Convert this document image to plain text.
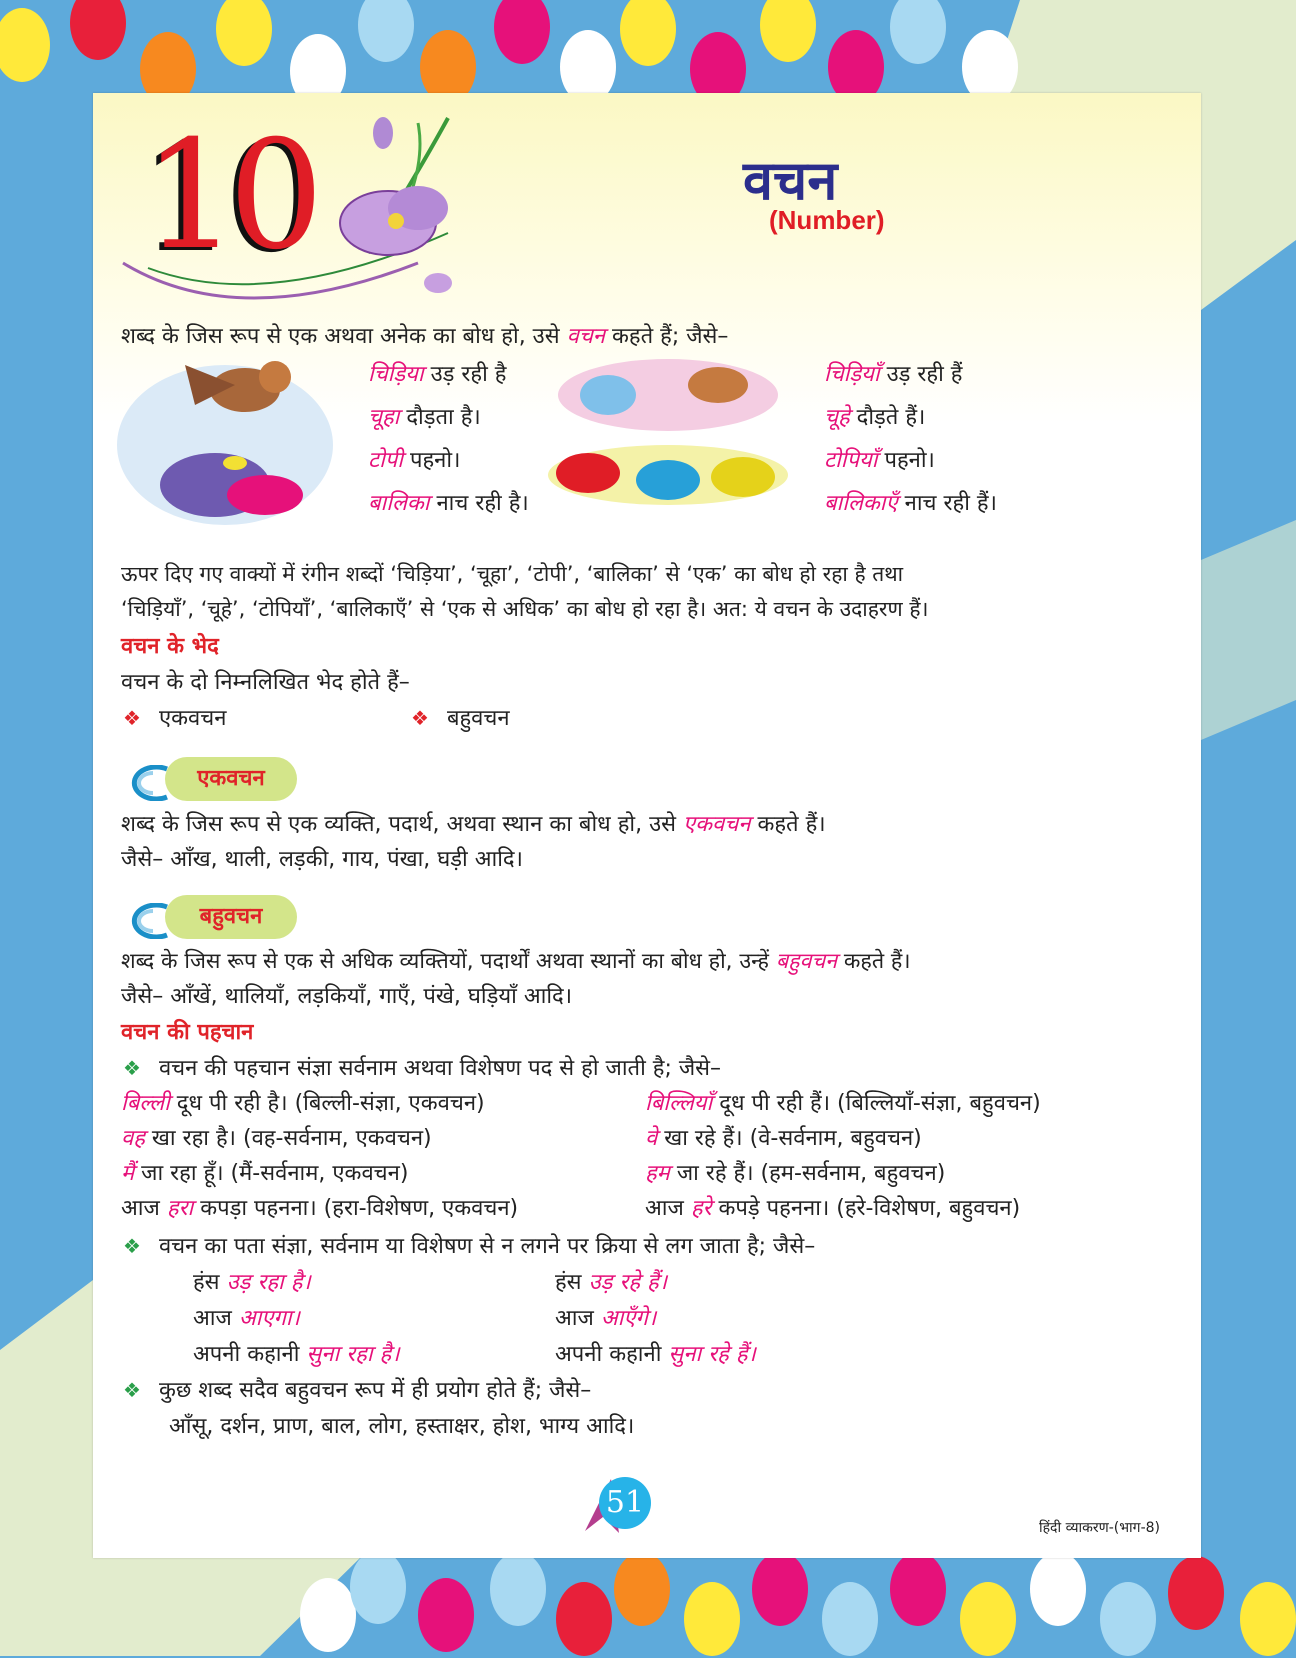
10	वचन
(Number)
शब्द के जिस रूप से एक अथवा अनेक का बोध हो, उसे वचन कहते हैं; जैसे–
चिड़िया उड़ रही है
चूहा दौड़ता है।
टोपी पहनो।
बालिका नाच रही है।
चिड़ियाँ उड़ रही हैं
चूहे दौड़ते हैं।
टोपियाँ पहनो।
बालिकाएँ नाच रही हैं।
ऊपर दिए गए वाक्यों में रंगीन शब्दों ‘चिड़िया’, ‘चूहा’, ‘टोपी’, ‘बालिका’ से ‘एक’ का बोध हो रहा है तथा
‘चिड़ियाँ’, ‘चूहे’, ‘टोपियाँ’, ‘बालिकाएँ’ से ‘एक से अधिक’ का बोध हो रहा है। अत: ये वचन के उदाहरण हैं।
वचन के भेद
वचन के दो निम्नलिखित भेद होते हैं–
❖ एकवचन	❖ बहुवचन
एकवचन
शब्द के जिस रूप से एक व्यक्ति, पदार्थ, अथवा स्थान का बोध हो, उसे एकवचन कहते हैं।
जैसे– आँख, थाली, लड़की, गाय, पंखा, घड़ी आदि।
बहुवचन
शब्द के जिस रूप से एक से अधिक व्यक्तियों, पदार्थों अथवा स्थानों का बोध हो, उन्हें बहुवचन कहते हैं।
जैसे– आँखें, थालियाँ, लड़कियाँ, गाएँ, पंखे, घड़ियाँ आदि।
वचन की पहचान
❖ वचन की पहचान संज्ञा सर्वनाम अथवा विशेषण पद से हो जाती है; जैसे–
बिल्ली दूध पी रही है। (बिल्ली-संज्ञा, एकवचन)
वह खा रहा है। (वह-सर्वनाम, एकवचन)
मैं जा रहा हूँ। (मैं-सर्वनाम, एकवचन)
आज हरा कपड़ा पहनना। (हरा-विशेषण, एकवचन)
बिल्लियाँ दूध पी रही हैं। (बिल्लियाँ-संज्ञा, बहुवचन)
वे खा रहे हैं। (वे-सर्वनाम, बहुवचन)
हम जा रहे हैं। (हम-सर्वनाम, बहुवचन)
आज हरे कपड़े पहनना। (हरे-विशेषण, बहुवचन)
❖ वचन का पता संज्ञा, सर्वनाम या विशेषण से न लगने पर क्रिया से लग जाता है; जैसे–
हंस उड़ रहा है।
आज आएगा।
अपनी कहानी सुना रहा है।
हंस उड़ रहे हैं।
आज आएँगे।
अपनी कहानी सुना रहे हैं।
❖ कुछ शब्द सदैव बहुवचन रूप में ही प्रयोग होते हैं; जैसे–
आँसू, दर्शन, प्राण, बाल, लोग, हस्ताक्षर, होश, भाग्य आदि।
51
हिंदी व्याकरण-(भाग-8)
